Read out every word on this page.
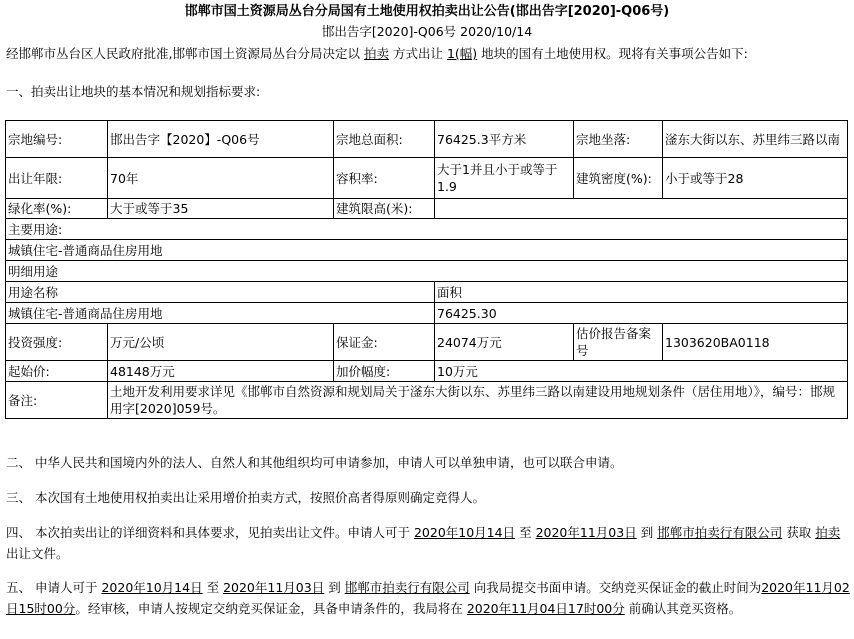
邯郸市国土资源局丛台分局国有土地使用权拍卖出让公告(邯出告字[2020]-Q06号)
邯出告字[2020]-Q06号 2020/10/14
经邯郸市丛台区人民政府批准,邯郸市国土资源局丛台分局决定以 拍卖 方式出让 1(幅) 地块的国有土地使用权。现将有关事项公告如下:
一、拍卖出让地块的基本情况和规划指标要求:
宗地编号:	邯出告字【2020】-Q06号	宗地总面积:	76425.3平方米	宗地坐落:	滏东大街以东、苏里纬三路以南
出让年限:	70年	容积率:	大于1并且小于或等于1.9	建筑密度(%):	小于或等于28
绿化率(%):	大于或等于35	建筑限高(米):			
主要用途:					
城镇住宅-普通商品住房用地					
明细用途					
用途名称			面积		
城镇住宅-普通商品住房用地			76425.30		
投资强度:	万元/公顷	保证金:	24074万元	估价报告备案号	1303620BA0118
起始价:	48148万元	加价幅度:	10万元		
备注:	土地开发利用要求详见《邯郸市自然资源和规划局关于滏东大街以东、苏里纬三路以南建设用地规划条件（居住用地）》，编号：邯规用字[2020]059号。				
二、 中华人民共和国境内外的法人、自然人和其他组织均可申请参加，申请人可以单独申请，也可以联合申请。
三、 本次国有土地使用权拍卖出让采用增价拍卖方式，按照价高者得原则确定竞得人。
四、 本次拍卖出让的详细资料和具体要求，见拍卖出让文件。申请人可于 2020年10月14日 至 2020年11月03日 到 邯郸市拍卖行有限公司 获取 拍卖 出让文件。
五、 申请人可于 2020年10月14日 至 2020年11月03日 到 邯郸市拍卖行有限公司 向我局提交书面申请。交纳竞买保证金的截止时间为2020年11月02日15时00分。经审核，申请人按规定交纳竞买保证金，具备申请条件的，我局将在 2020年11月04日17时00分 前确认其竞买资格。
